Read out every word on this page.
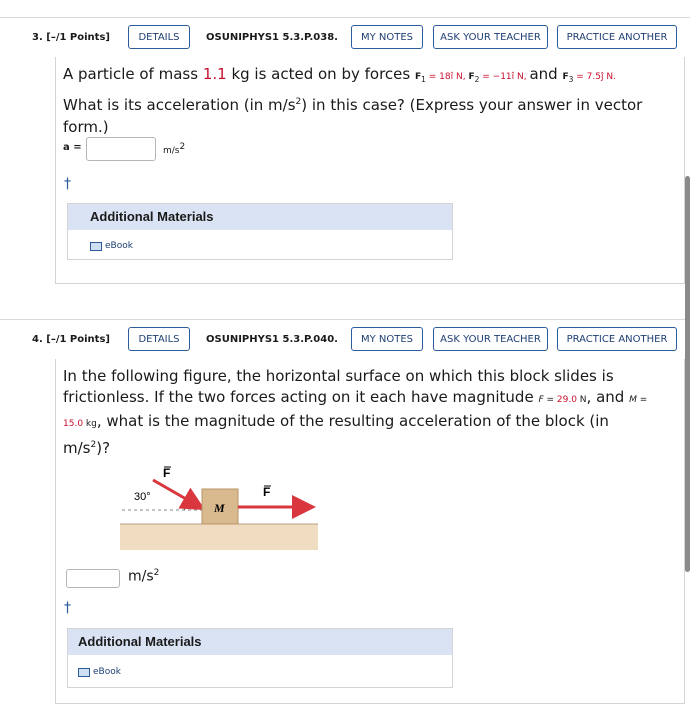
3. [–/1 Points]	DETAILS	OSUNIPHYS1 5.3.P.038.	MY NOTES	ASK YOUR TEACHER	PRACTICE ANOTHER
A particle of mass 1.1 kg is acted on by forces $F_1$ = 18î N, $F_2$ = −11î N, and $F_3$ = 7.5ĵ N.
What is its acceleration (in $m/s^2$) in this case? (Express your answer in vector form.)
a =	$m/s^2$
†
Additional Materials
eBook
4. [–/1 Points]	DETAILS	OSUNIPHYS1 5.3.P.040.	MY NOTES	ASK YOUR TEACHER	PRACTICE ANOTHER
In the following figure, the horizontal surface on which this block slides is frictionless. If the two forces acting on it each have magnitude F = 29.0 N, and M = 15.0 kg, what is the magnitude of the resulting acceleration of the block (in $m/s^2$)?
M
30°
F
F
$m/s^2$
†
Additional Materials
eBook
